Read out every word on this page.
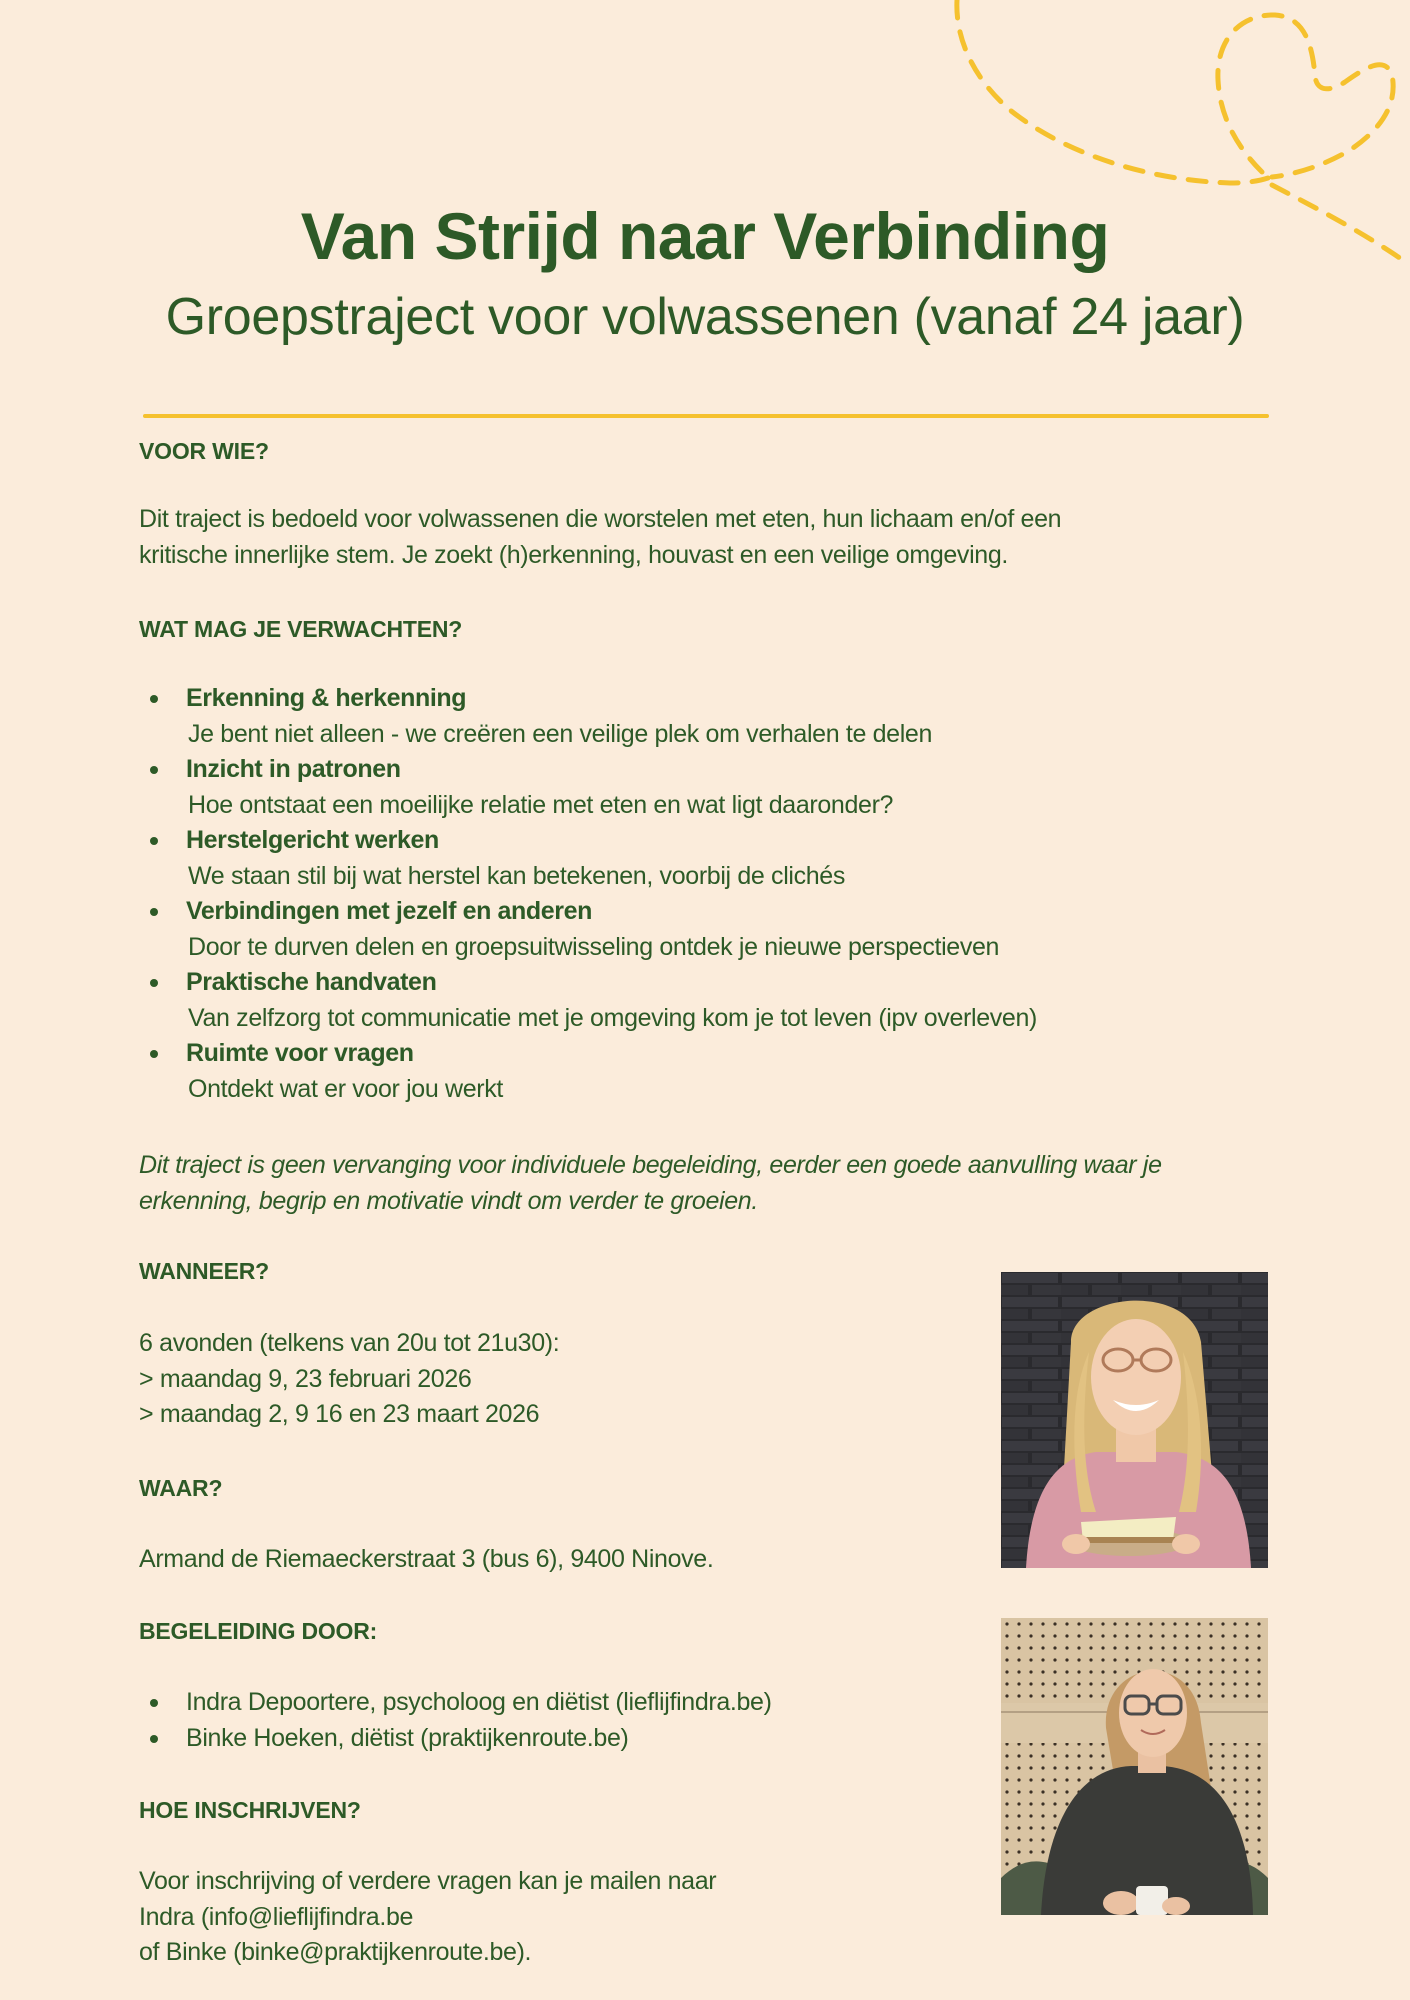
Van Strijd naar Verbinding
Groepstraject voor volwassenen (vanaf 24 jaar)
VOOR WIE?
Dit traject is bedoeld voor volwassenen die worstelen met eten, hun lichaam en/of een
kritische innerlijke stem. Je zoekt (h)erkenning, houvast en een veilige omgeving.
WAT MAG JE VERWACHTEN?
Erkenning & herkenning
Je bent niet alleen - we creëren een veilige plek om verhalen te delen
Inzicht in patronen
Hoe ontstaat een moeilijke relatie met eten en wat ligt daaronder?
Herstelgericht werken
We staan stil bij wat herstel kan betekenen, voorbij de clichés
Verbindingen met jezelf en anderen
Door te durven delen en groepsuitwisseling ontdek je nieuwe perspectieven
Praktische handvaten
Van zelfzorg tot communicatie met je omgeving kom je tot leven (ipv overleven)
Ruimte voor vragen
Ontdekt wat er voor jou werkt
Dit traject is geen vervanging voor individuele begeleiding, eerder een goede aanvulling waar je
erkenning, begrip en motivatie vindt om verder te groeien.
WANNEER?
6 avonden (telkens van 20u tot 21u30):
> maandag 9, 23 februari 2026
> maandag 2, 9 16 en 23 maart 2026
WAAR?
Armand de Riemaeckerstraat 3 (bus 6), 9400 Ninove.
BEGELEIDING DOOR:
Indra Depoortere, psycholoog en diëtist (lieflijfindra.be)
Binke Hoeken, diëtist (praktijkenroute.be)
HOE INSCHRIJVEN?
Voor inschrijving of verdere vragen kan je mailen naar
Indra (info@lieflijfindra.be
of Binke (binke@praktijkenroute.be).
